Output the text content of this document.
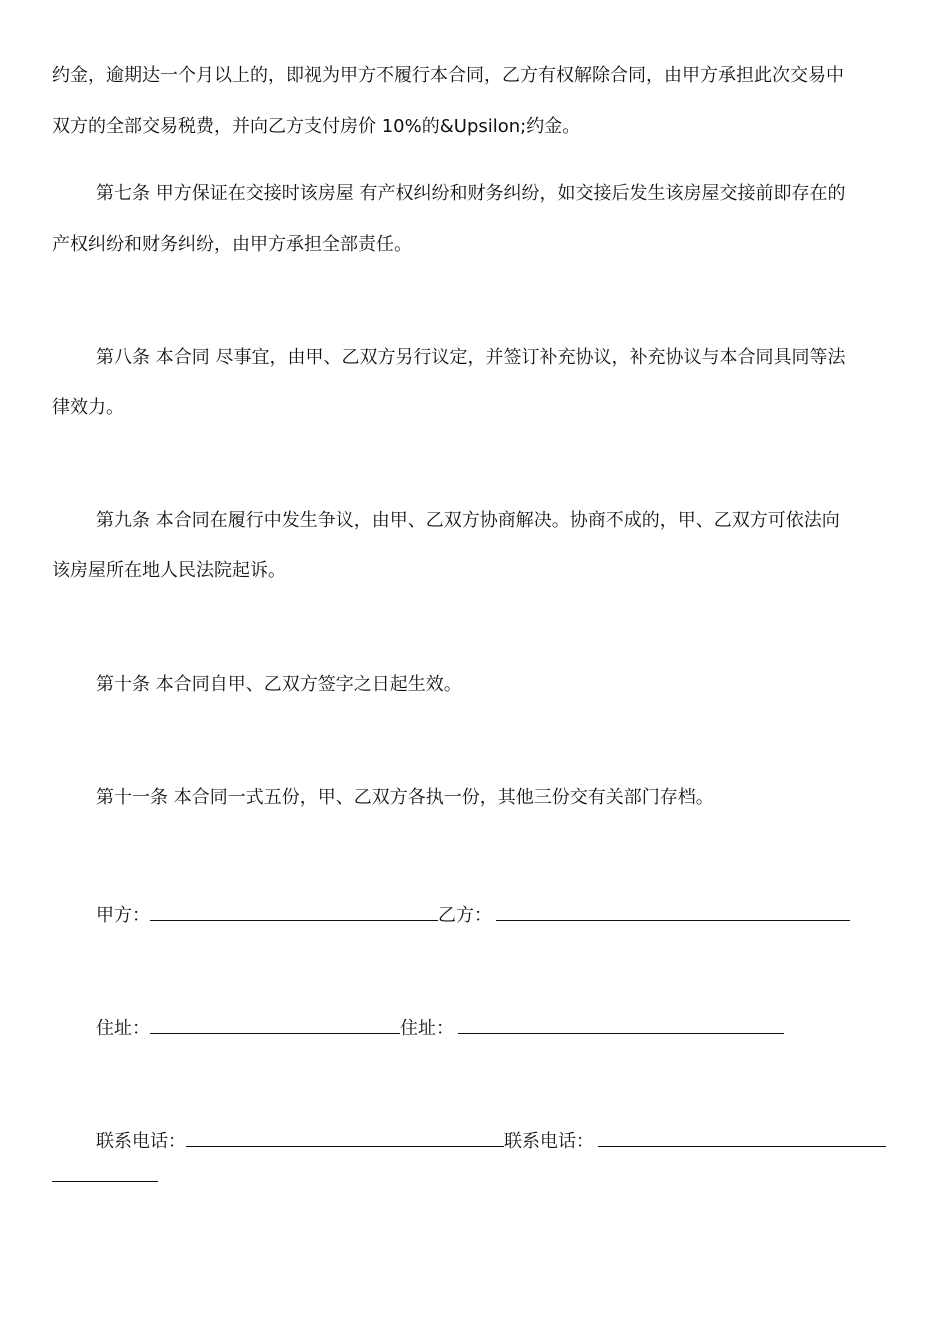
约金，逾期达一个月以上的，即视为甲方不履行本合同，乙方有权解除合同，由甲方承担此次交易中
双方的全部交易税费，并向乙方支付房价 10%的&Upsilon;约金。
第七条 甲方保证在交接时该房屋 有产权纠纷和财务纠纷，如交接后发生该房屋交接前即存在的
产权纠纷和财务纠纷，由甲方承担全部责任。
第八条 本合同 尽事宜，由甲、乙双方另行议定，并签订补充协议，补充协议与本合同具同等法
律效力。
第九条 本合同在履行中发生争议，由甲、乙双方协商解决。协商不成的，甲、乙双方可依法向
该房屋所在地人民法院起诉。
第十条 本合同自甲、乙双方签字之日起生效。
第十一条 本合同一式五份，甲、乙双方各执一份，其他三份交有关部门存档。
甲方：	乙方：
住址：	住址：
联系电话：	联系电话：
